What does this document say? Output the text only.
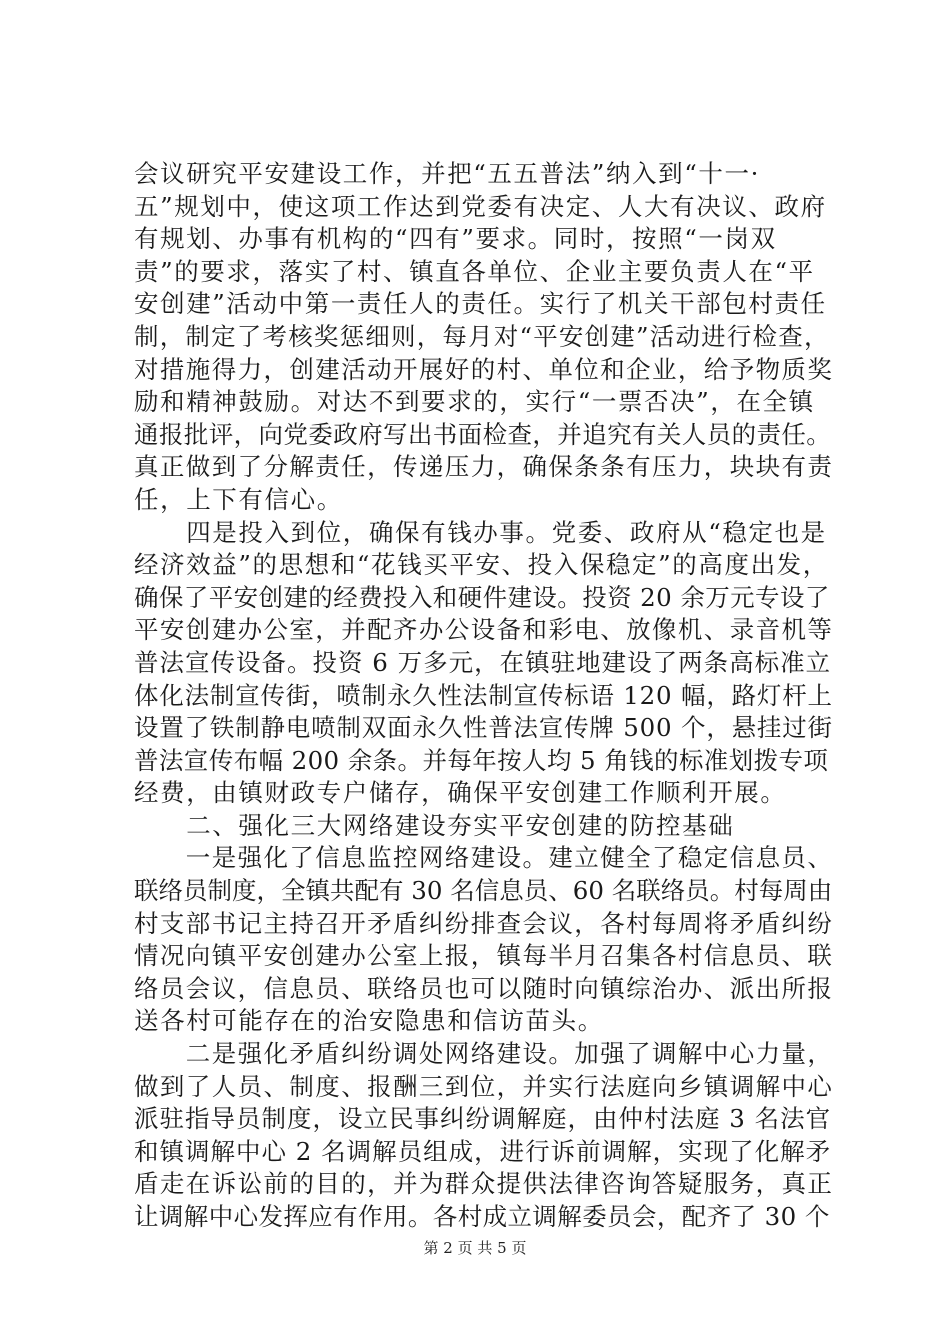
会议研究平安建设工作，并把“五五普法”纳入到“十一·
五”规划中，使这项工作达到党委有决定、人大有决议、政府
有规划、办事有机构的“四有”要求。同时，按照“一岗双
责”的要求，落实了村、镇直各单位、企业主要负责人在“平
安创建”活动中第一责任人的责任。实行了机关干部包村责任
制，制定了考核奖惩细则，每月对“平安创建”活动进行检查，
对措施得力，创建活动开展好的村、单位和企业，给予物质奖
励和精神鼓励。对达不到要求的，实行“一票否决”，在全镇
通报批评，向党委政府写出书面检查，并追究有关人员的责任。
真正做到了分解责任，传递压力，确保条条有压力，块块有责
任，上下有信心。
　　四是投入到位，确保有钱办事。党委、政府从“稳定也是
经济效益”的思想和“花钱买平安、投入保稳定”的高度出发，
确保了平安创建的经费投入和硬件建设。投资 20 余万元专设了
平安创建办公室，并配齐办公设备和彩电、放像机、录音机等
普法宣传设备。投资 6 万多元，在镇驻地建设了两条高标准立
体化法制宣传街，喷制永久性法制宣传标语 120 幅，路灯杆上
设置了铁制静电喷制双面永久性普法宣传牌 500 个，悬挂过街
普法宣传布幅 200 余条。并每年按人均 5 角钱的标准划拨专项
经费，由镇财政专户储存，确保平安创建工作顺利开展。
　　二、强化三大网络建设夯实平安创建的防控基础
　　一是强化了信息监控网络建设。建立健全了稳定信息员、
联络员制度，全镇共配有 30 名信息员、60 名联络员。村每周由
村支部书记主持召开矛盾纠纷排查会议，各村每周将矛盾纠纷
情况向镇平安创建办公室上报，镇每半月召集各村信息员、联
络员会议，信息员、联络员也可以随时向镇综治办、派出所报
送各村可能存在的治安隐患和信访苗头。
　　二是强化矛盾纠纷调处网络建设。加强了调解中心力量，
做到了人员、制度、报酬三到位，并实行法庭向乡镇调解中心
派驻指导员制度，设立民事纠纷调解庭，由仲村法庭 3 名法官
和镇调解中心 2 名调解员组成，进行诉前调解，实现了化解矛
盾走在诉讼前的目的，并为群众提供法律咨询答疑服务，真正
让调解中心发挥应有作用。各村成立调解委员会，配齐了 30 个
第 2 页 共 5 页
